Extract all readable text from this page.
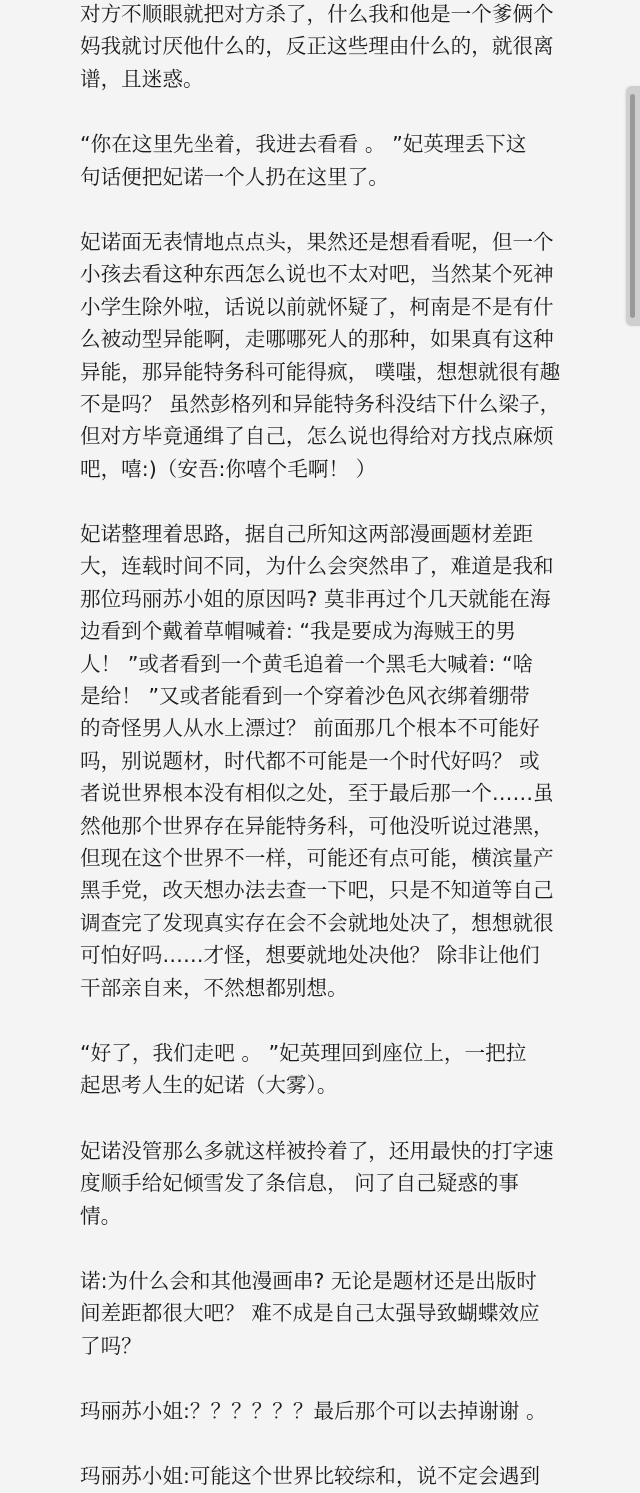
对方不顺眼就把对方杀了，什么我和他是一个爹俩个
妈我就讨厌他什么的，反正这些理由什么的，就很离
谱，且迷惑。

“你在这里先坐着，我进去看看 。 ”妃英理丢下这
句话便把妃诺一个人扔在这里了。

妃诺面无表情地点点头，果然还是想看看呢，但一个
小孩去看这种东西怎么说也不太对吧，当然某个死神
小学生除外啦，话说以前就怀疑了，柯南是不是有什
么被动型异能啊，走哪哪死人的那种，如果真有这种
异能，那异能特务科可能得疯， 噗嗤，想想就很有趣
不是吗？ 虽然彭格列和异能特务科没结下什么梁子，
但对方毕竟通缉了自己，怎么说也得给对方找点麻烦
吧，嘻:)（安吾:你嘻个毛啊！ ）

妃诺整理着思路，据自己所知这两部漫画题材差距
大，连载时间不同，为什么会突然串了，难道是我和
那位玛丽苏小姐的原因吗? 莫非再过个几天就能在海
边看到个戴着草帽喊着: “我是要成为海贼王的男
人！ ”或者看到一个黄毛追着一个黑毛大喊着: “啥
是给！ ”又或者能看到一个穿着沙色风衣绑着绷带
的奇怪男人从水上漂过？ 前面那几个根本不可能好
吗，别说题材，时代都不可能是一个时代好吗？ 或
者说世界根本没有相似之处，至于最后那一个……虽
然他那个世界存在异能特务科，可他没听说过港黑，
但现在这个世界不一样，可能还有点可能，横滨量产
黑手党，改天想办法去查一下吧，只是不知道等自己
调查完了发现真实存在会不会就地处决了，想想就很
可怕好吗……才怪，想要就地处决他？ 除非让他们
干部亲自来，不然想都别想。

“好了，我们走吧 。 ”妃英理回到座位上，一把拉
起思考人生的妃诺（大雾）。

妃诺没管那么多就这样被拎着了，还用最快的打字速
度顺手给妃倾雪发了条信息， 问了自己疑惑的事
情。

诺:为什么会和其他漫画串? 无论是题材还是出版时
间差距都很大吧？ 难不成是自己太强导致蝴蝶效应
了吗？

玛丽苏小姐:？？？？？？最后那个可以去掉谢谢 。

玛丽苏小姐:可能这个世界比较综和，说不定会遇到
